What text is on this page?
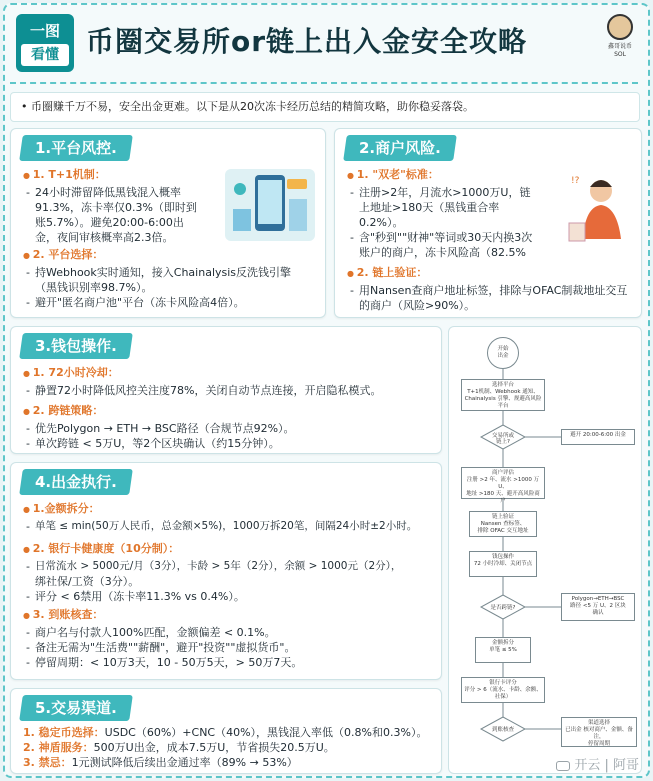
一图
看懂 币圈交易所or链上出入金安全攻略	鑫哥说币 SOL
• 币圈赚千万不易，安全出金更难。以下是从20次冻卡经历总结的精简攻略，助你稳妥落袋。
1.平台风控.
● 1. T+1机制：
- 24小时滞留降低黑钱混入概率
91.3%，冻卡率仅0.3%（即时到
账5.7%）。避免20:00-6:00出
金，夜间审核概率高2.3倍。
● 2. 平台选择：
- 持Webhook实时通知，接入Chainalysis反洗钱引擎
（黑钱识别率98.7%）。
- 避开"匿名商户池"平台（冻卡风险高4倍）。
2.商户风险.
● 1. "双老"标准：
- 注册>2年，月流水>1000万U，链
上地址>180天（黑钱重合率
0.2%）。
- 含"秒到""财神"等词或30天内换3次
账户的商户，冻卡风险高（82.5%
!?
● 2. 链上验证：
- 用Nansen查商户地址标签，排除与OFAC制裁地址交互
的商户（风险>90%）。
3.钱包操作.
● 1. 72小时冷却：
- 静置72小时降低风控关注度78%，关闭自动节点连接，开启隐私模式。
● 2. 跨链策略：
- 优先Polygon → ETH → BSC路径（合规节点92%）。
- 单次跨链 < 5万U，等2个区块确认（约15分钟）。
4.出金执行.
● 1.金额拆分：
- 单笔 ≤ min(50万人民币，总金额×5%)，1000万拆20笔，间隔24小时±2小时。
● 2. 银行卡健康度（10分制）：
- 日常流水 > 5000元/月（3分），卡龄 > 5年（2分），余额 > 1000元（2分），
绑社保/工资（3分）。
- 评分 < 6禁用（冻卡率11.3% vs 0.4%）。
● 3. 到账核查：
- 商户名与付款人100%匹配，金额偏差 < 0.1%。
- 备注无需为"生活费""薪酬"，避开"投资""虚拟货币"。
- 停留周期：< 10万3天，10 - 50万5天，> 50万7天。
5.交易渠道.
1. 稳定币选择：USDC（60%）+CNC（40%），黑钱混入率低（0.8%和0.3%）。
2. 神盾服务：500万U出金，成本7.5万U，节省损失20.5万U。
3. 禁忌：1元测试降低后续出金通过率（89% → 53%）
开始
出金
选择平台
T+1机制、Webhook 通知、
Chainalysis 引擎、规避高风险平台
交易所或
链上?
避开 20:00-6:00 出金
商户评估
注册 >2 年、流水 >1000 万 U、
地址 >180 天、避开高风险商户
链上验证
Nansen 查标签、
排除 OFAC 交互地址
钱包操作
72 小时冷却、关闭节点
是否跨链?
Polygon→ETH→BSC
路径 <5 万 U、2 区块
确认
金额拆分
单笔 ≤ 5%
银行卡评分
评分 > 6（流水、卡龄、余额、社保）
到账核查
渠道选择
已出金 核对商户、金额、备注，
停留周期
开云 | 阿哥
